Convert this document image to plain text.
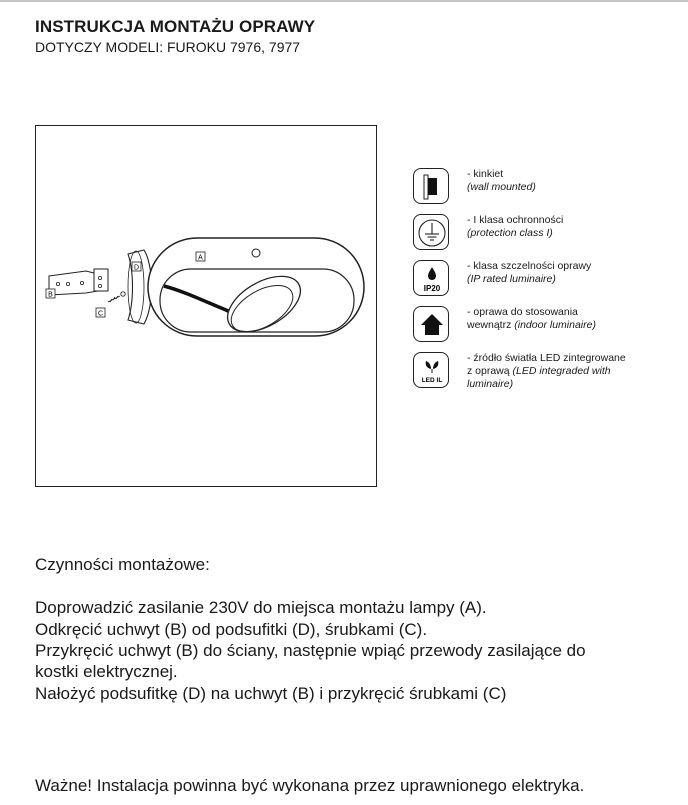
INSTRUKCJA MONTAŻU OPRAWY
DOTYCZY MODELI: FUROKU 7976, 7977
B
C
D
A
- kinkiet
(wall mounted)
- I klasa ochronności
(protection class I)
IP20
- klasa szczelności oprawy
(IP rated luminaire)
- oprawa do stosowania
wewnątrz (indoor luminaire)
LED IL
- źródło światła LED zintegrowane
z oprawą (LED integraded with
luminaire)
Czynności montażowe:
Doprowadzić zasilanie 230V do miejsca montażu lampy (A).
Odkręcić uchwyt (B) od podsufitki (D), śrubkami (C).
Przykręcić uchwyt (B) do ściany, następnie wpiąć przewody zasilające do
kostki elektrycznej.
Nałożyć podsufitkę (D) na uchwyt (B) i przykręcić śrubkami (C)
Ważne! Instalacja powinna być wykonana przez uprawnionego elektryka.
